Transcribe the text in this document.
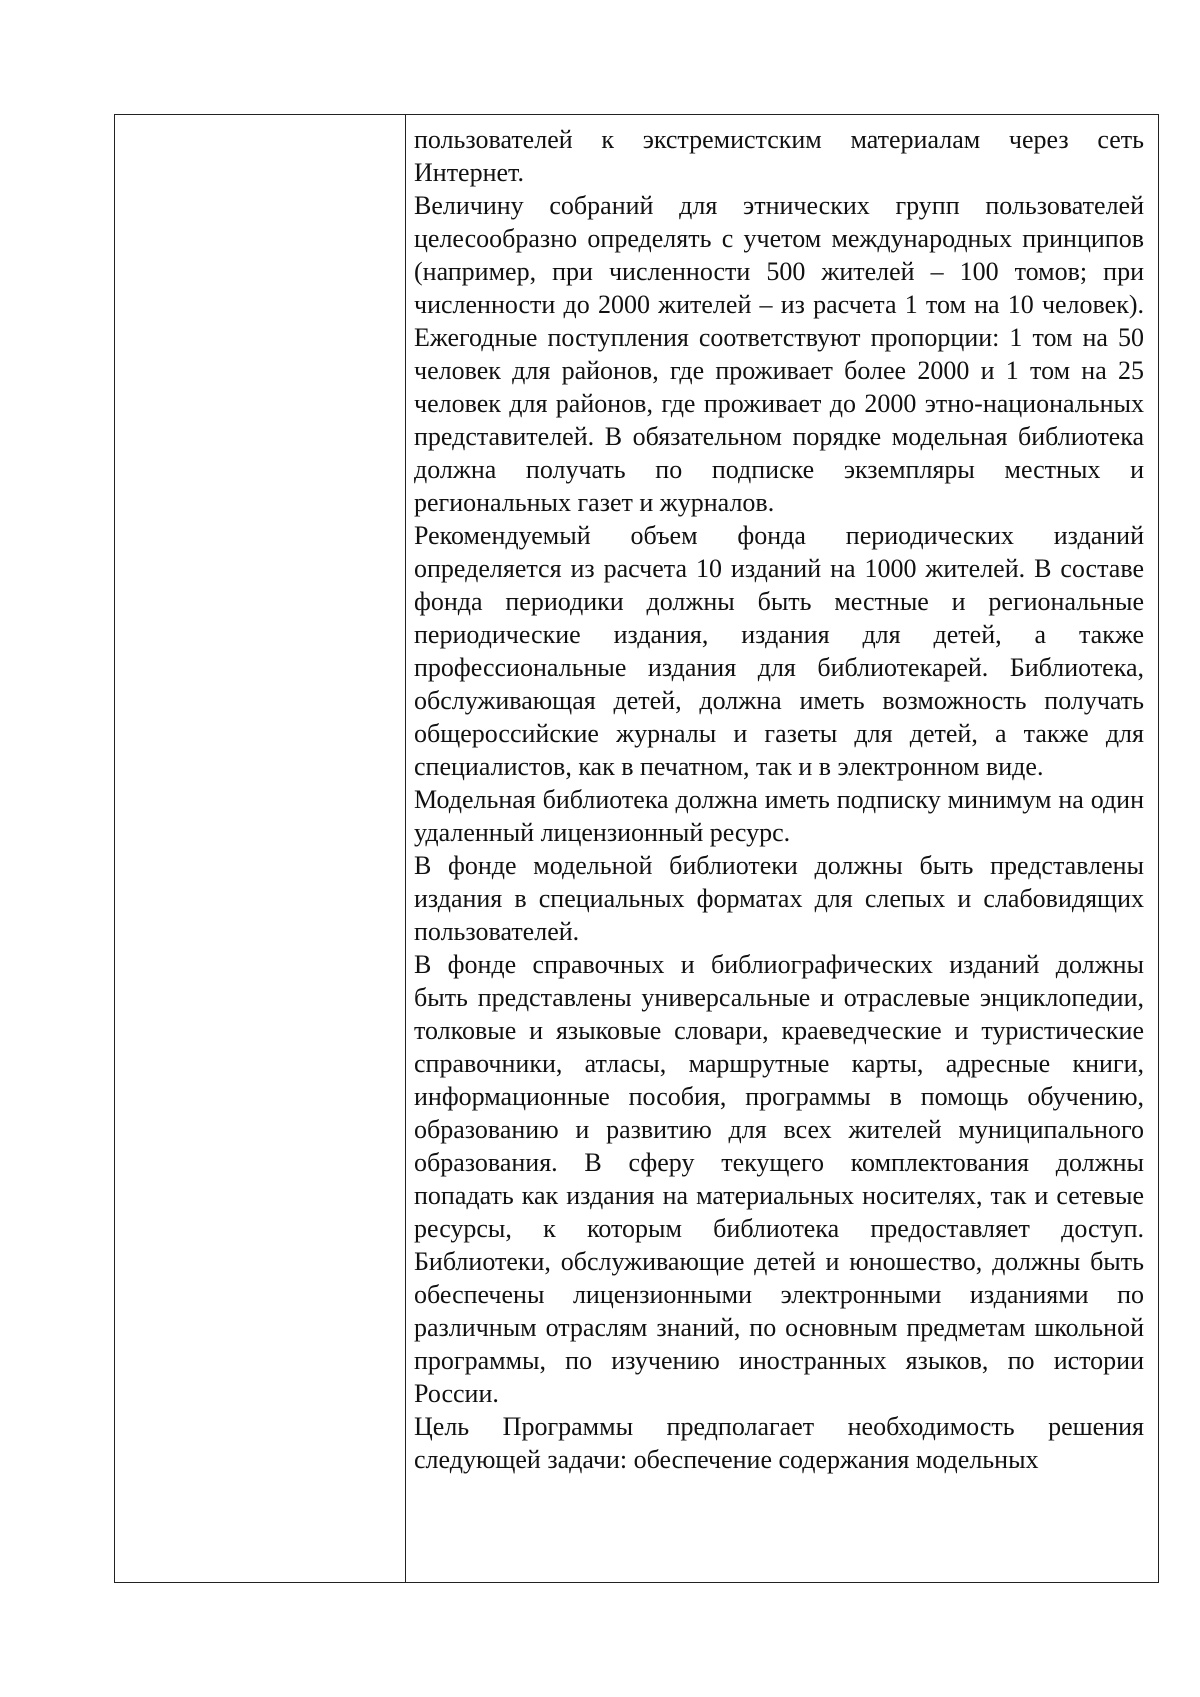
пользователей к экстремистским материалам через сеть Интернет.

Величину собраний для этнических групп пользователей целесообразно определять с учетом международных принципов (например, при численности 500 жителей – 100 томов; при численности до 2000 жителей – из расчета 1 том на 10 человек). Ежегодные поступления соответствуют пропорции: 1 том на 50 человек для районов, где проживает более 2000 и 1 том на 25 человек для районов, где проживает до 2000 этно-национальных представителей. В обязательном порядке модельная библиотека должна получать по подписке экземпляры местных и региональных газет и журналов.

Рекомендуемый объем фонда периодических изданий определяется из расчета 10 изданий на 1000 жителей. В составе фонда периодики должны быть местные и региональные периодические издания, издания для детей, а также профессиональные издания для библиотекарей. Библиотека, обслуживающая детей, должна иметь возможность получать общероссийские журналы и газеты для детей, а также для специалистов, как в печатном, так и в электронном виде.

Модельная библиотека должна иметь подписку минимум на один удаленный лицензионный ресурс.

В фонде модельной библиотеки должны быть представлены издания в специальных форматах для слепых и слабовидящих пользователей.

В фонде справочных и библиографических изданий должны быть представлены универсальные и отраслевые энциклопедии, толковые и языковые словари, краеведческие и туристические справочники, атласы, маршрутные карты, адресные книги, информационные пособия, программы в помощь обучению, образованию и развитию для всех жителей муниципального образования. В сферу текущего комплектования должны попадать как издания на материальных носителях, так и сетевые ресурсы, к которым библиотека предоставляет доступ. Библиотеки, обслуживающие детей и юношество, должны быть обеспечены лицензионными электронными изданиями по различным отраслям знаний, по основным предметам школьной программы, по изучению иностранных языков, по истории России.

Цель Программы предполагает необходимость решения следующей задачи: обеспечение содержания модельных
